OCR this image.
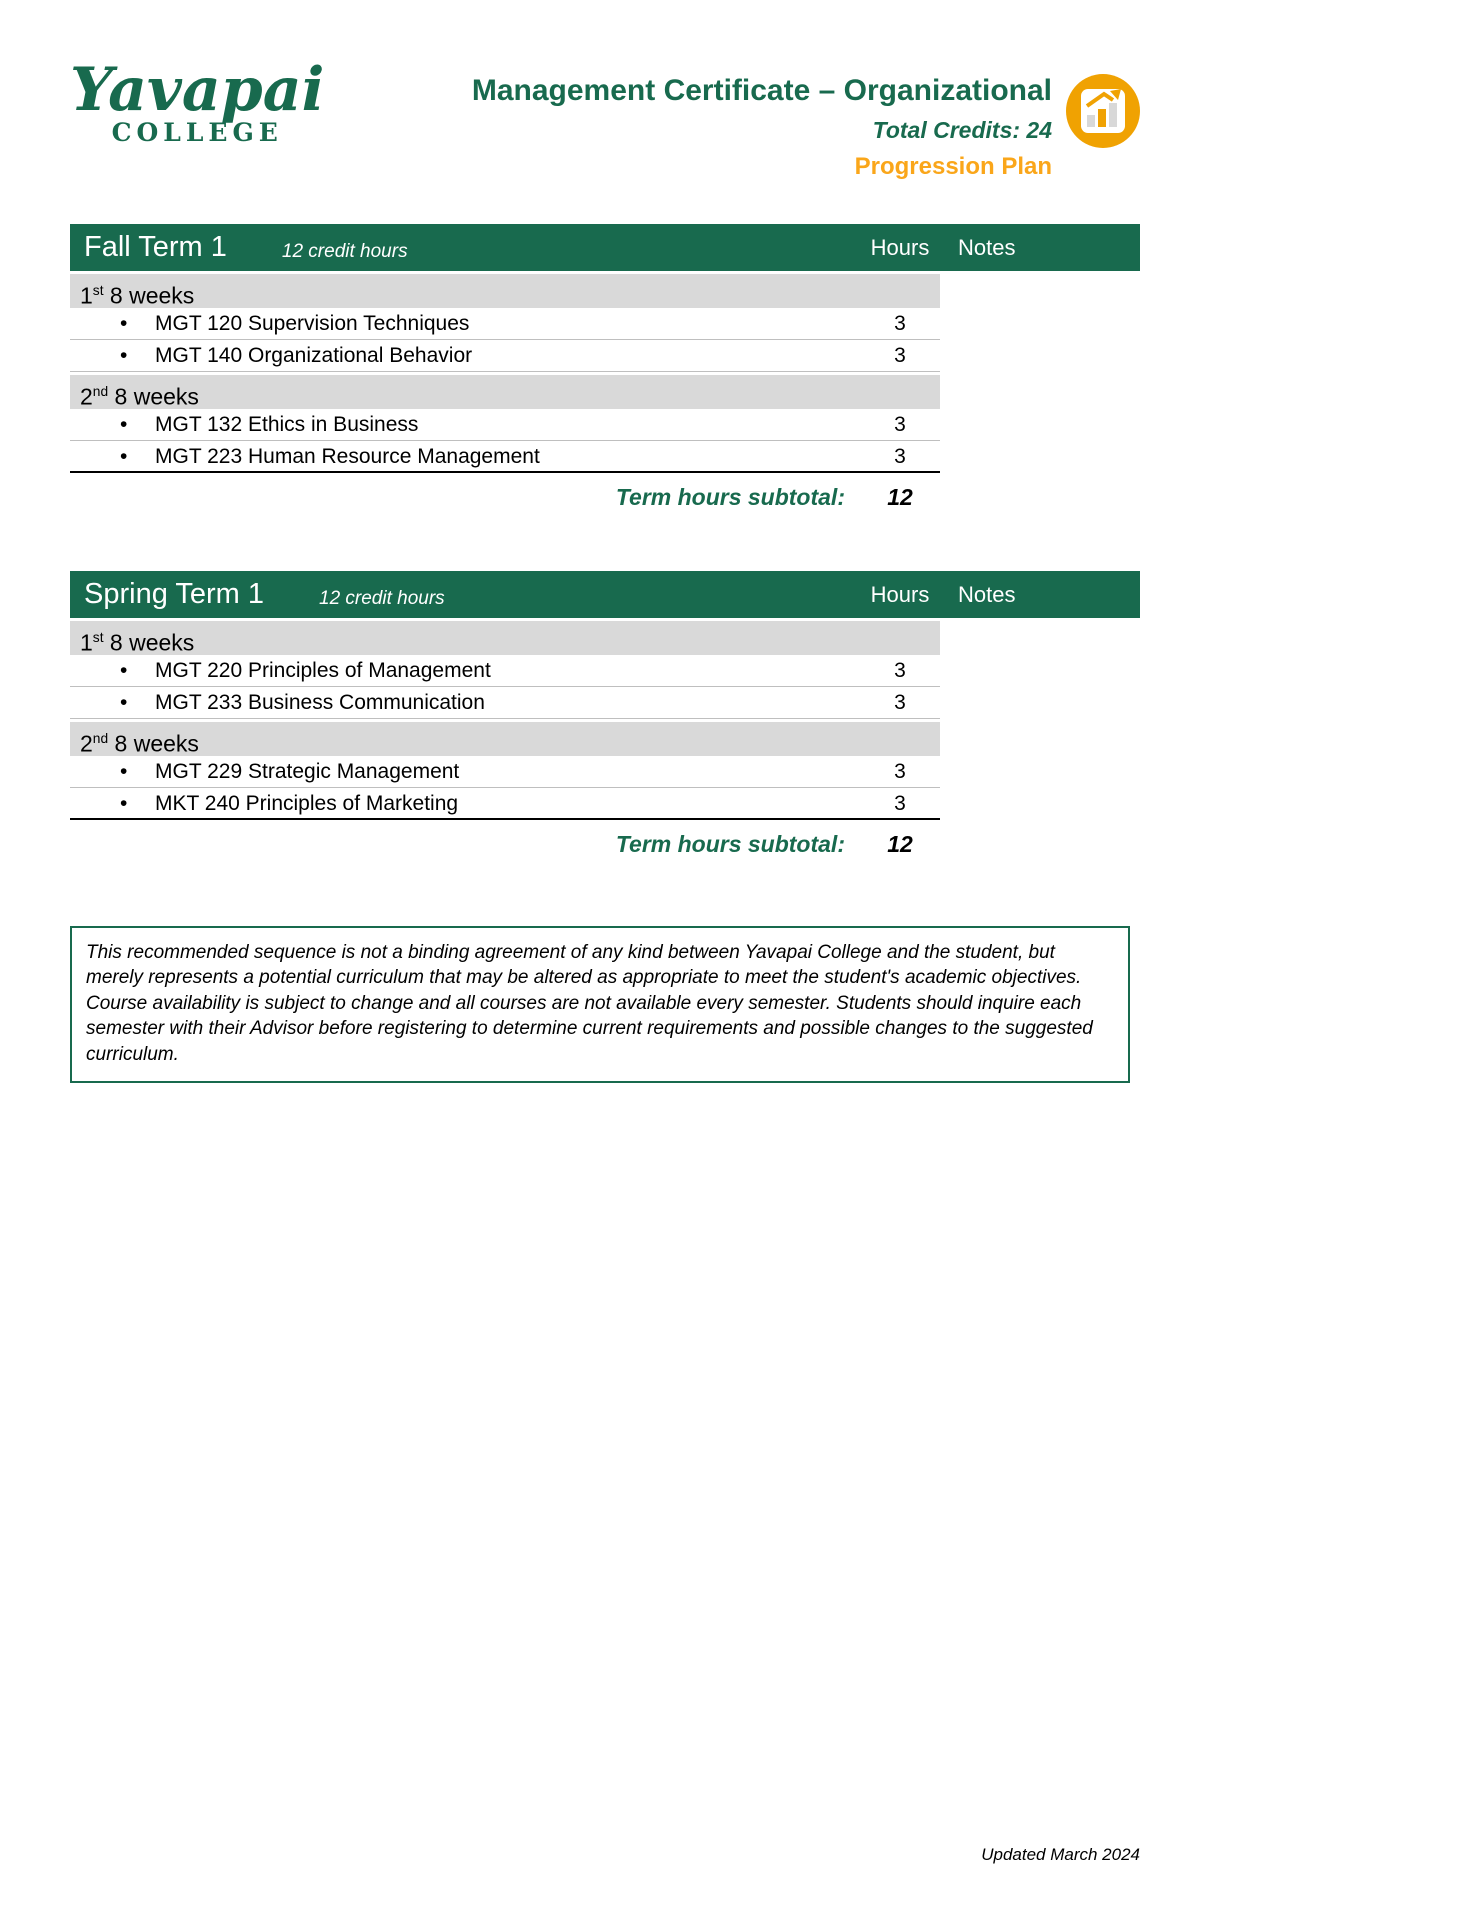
Yavapai
COLLEGE
Management Certificate – Organizational
Total Credits: 24
Progression Plan
Fall Term 1	12 credit hours	Hours	Notes
1st 8 weeks
• MGT 120 Supervision Techniques	3
• MGT 140 Organizational Behavior	3
2nd 8 weeks
• MGT 132 Ethics in Business	3
• MGT 223 Human Resource Management	3
Term hours subtotal:	12
Spring Term 1	12 credit hours	Hours	Notes
1st 8 weeks
• MGT 220 Principles of Management	3
• MGT 233 Business Communication	3
2nd 8 weeks
• MGT 229 Strategic Management	3
• MKT 240 Principles of Marketing	3
Term hours subtotal:	12
This recommended sequence is not a binding agreement of any kind between Yavapai College and the student, but merely represents a potential curriculum that may be altered as appropriate to meet the student's academic objectives. Course availability is subject to change and all courses are not available every semester. Students should inquire each semester with their Advisor before registering to determine current requirements and possible changes to the suggested curriculum.
Updated March 2024
